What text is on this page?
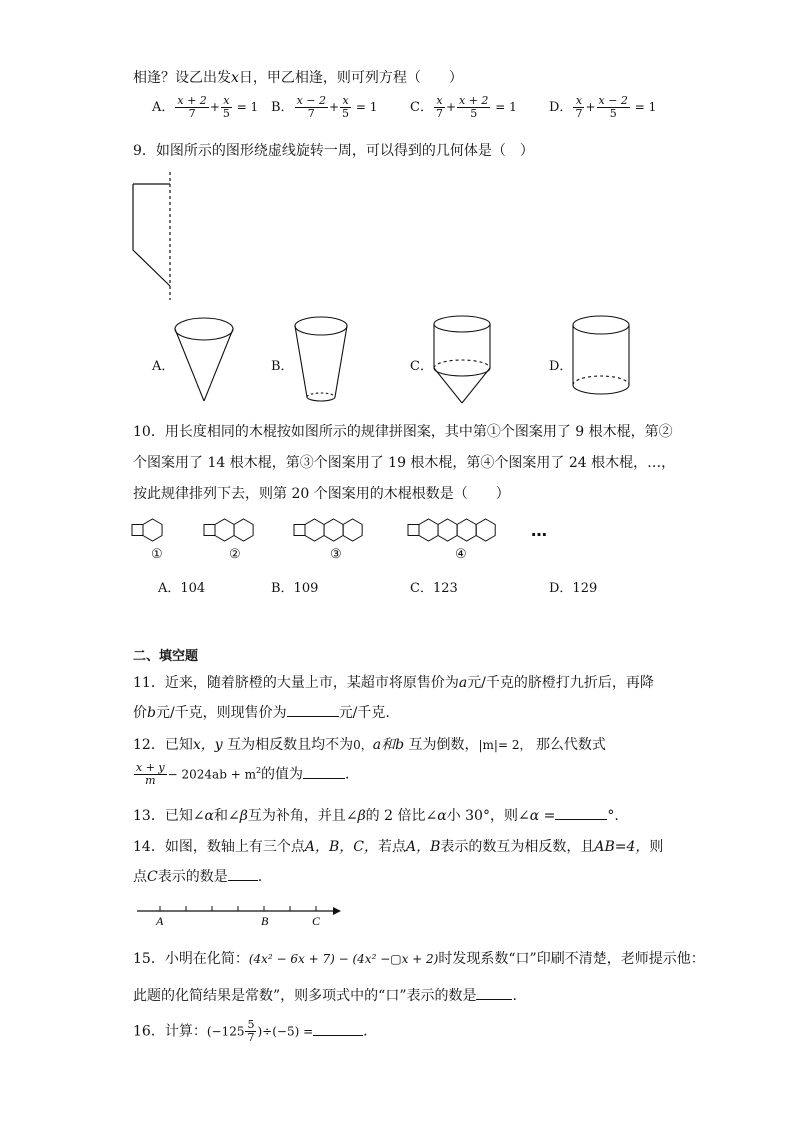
相逢？设乙出发x日，甲乙相逢，则可列方程（　　）
A． $\frac{x + 2}{7} + \frac{x}{5} = 1$ B． $\frac{x - 2}{7} + \frac{x}{5} = 1$	C． $\frac{x}{7} + \frac{x + 2}{5} = 1$ D． $\frac{x}{7} + \frac{x - 2}{5} = 1$
9．如图所示的图形绕虚线旋转一周，可以得到的几何体是（　）
A．	B．	C．	D．
10．用长度相同的木棍按如图所示的规律拼图案，其中第①个图案用了 9 根木棍，第②
个图案用了 14 根木棍，第③个图案用了 19 根木棍，第④个图案用了 24 根木棍，…，
按此规律排列下去，则第 20 个图案用的木棍根数是（　　）
①	②	③	④
…
A．104	B．109	C．123	D．129
二、填空题
11．近来，随着脐橙的大量上市，某超市将原售价为a元/千克的脐橙打九折后，再降
价b元/千克，则现售价为	元/千克.
12．已知x，y 互为相反数且均不为0，a和b 互为倒数，|m|= 2， 那么代数式
$\frac{x + y}{m} - 2024ab + m^2$的值为	.
13．已知∠α和∠β互为补角，并且∠β的 2 倍比∠α小 30°，则∠α =	°.
14．如图，数轴上有三个点A，B，C，若点A，B表示的数互为相反数，且AB=4，则
点C表示的数是 .
A	B	C
15．小明在化简：(4x² − 6x + 7) − (4x² −▢x + 2)时发现系数“口”印刷不清楚，老师提示他：
此题的化简结果是常数”，则多项式中的“口”表示的数是	.
16．计算：$(-125 \frac{5}{7} )\div(-5)$ =	.
